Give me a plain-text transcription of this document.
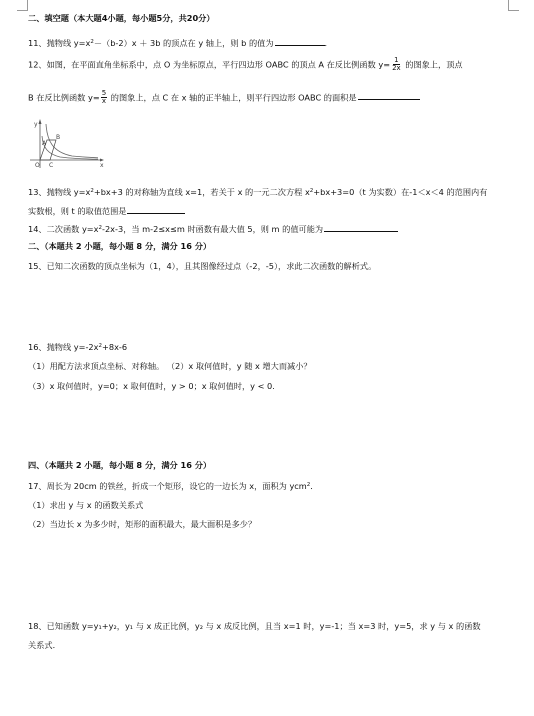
二、填空题（本大题4小题，每小题5分，共20分）
11、抛物线 $y=x^2-(b-2)x + 3b$ 的顶点在 y 轴上，则 b 的值为	．
12、如图，在平面直角坐标系中，点 O 为坐标原点，平行四边形 OABC 的顶点 A 在反比例函数 $y= \frac{1}{2x}$ 的图象上，顶点
B 在反比例函数 $y= \frac{5}{x}$ 的图象上，点 C 在 x 轴的正半轴上，则平行四边形 OABC 的面积是
y
x
O
A
B
C
13、抛物线 $y=x^2+bx+3$ 的对称轴为直线 x=1，若关于 x 的一元二次方程 $x^2+bx+3=0(t$ 为实数）在-1＜x＜4 的范围内有
实数根，则 t 的取值范围是
14、二次函数 $y=x^2-2x-3$，当 m-2≤x≤m 时函数有最大值 5，则 m 的值可能为
二、（本题共 2 小题，每小题 8 分，满分 16 分）
15、已知二次函数的顶点坐标为（1，4），且其图像经过点（-2，-5），求此二次函数的解析式。
16、抛物线 $y=-2x^2+8x-6$
（1）用配方法求顶点坐标、对称轴。 （2）x 取何值时，y 随 x 增大而减小？
（3）x 取何值时，y=0；x 取何值时，y > 0；x 取何值时，y < 0.
四、（本题共 2 小题，每小题 8 分，满分 16 分）
17、周长为 20cm 的铁丝，折成一个矩形，设它的一边长为 x，面积为 ycm$^2$．
（1）求出 y 与 x 的函数关系式
（2）当边长 x 为多少时，矩形的面积最大，最大面积是多少？
18、已知函数 y=y₁+y₂，y₁ 与 x 成正比例，y₂ 与 x 成反比例，且当 x=1 时，y=-1；当 x=3 时，y=5，求 y 与 x 的函数
关系式．
